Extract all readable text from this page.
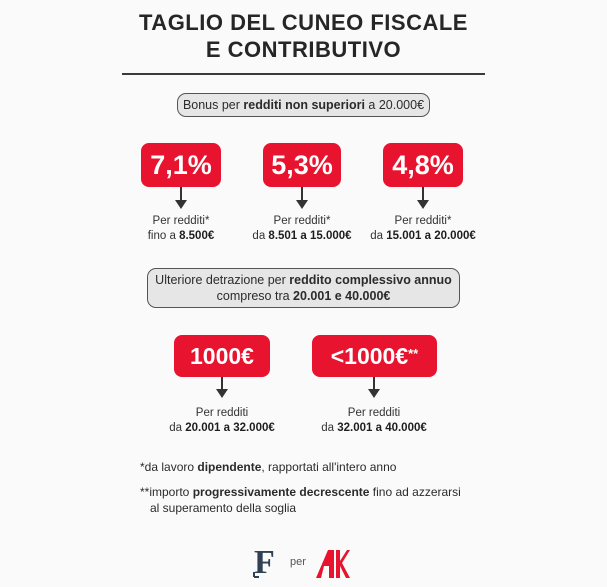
TAGLIO DEL CUNEO FISCALE
E CONTRIBUTIVO
Bonus per redditi non superiori a 20.000€
7,1%
Per redditi*
fino a 8.500€
5,3%
Per redditi*
da 8.501 a 15.000€
4,8%
Per redditi*
da 15.001 a 20.000€
Ulteriore detrazione per reddito complessivo annuo
compreso tra 20.001 e 40.000€
1000€
Per redditi
da 20.001 a 32.000€
<1000€**
Per redditi
da 32.001 a 40.000€
*da lavoro dipendente, rapportati all'intero anno
**importo progressivamente decrescente fino ad azzerarsi
al superamento della soglia
F per
AK
